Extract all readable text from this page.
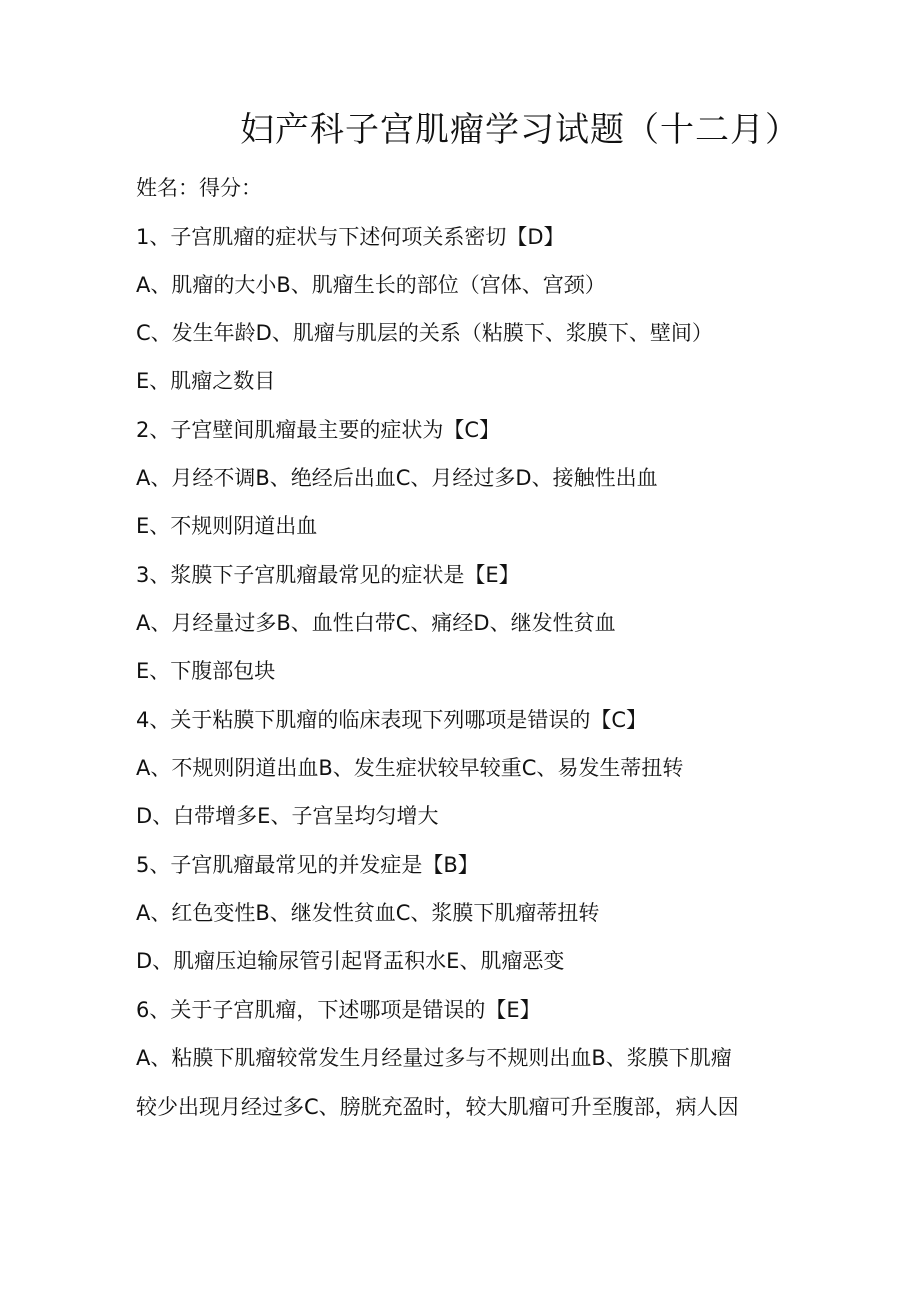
妇产科子宫肌瘤学习试题（十二月）
姓名：得分：
1、子宫肌瘤的症状与下述何项关系密切【D】
A、肌瘤的大小B、肌瘤生长的部位（宫体、宫颈）
C、发生年龄D、肌瘤与肌层的关系（粘膜下、浆膜下、壁间）
E、肌瘤之数目
2、子宫壁间肌瘤最主要的症状为【C】
A、月经不调B、绝经后出血C、月经过多D、接触性出血
E、不规则阴道出血
3、浆膜下子宫肌瘤最常见的症状是【E】
A、月经量过多B、血性白带C、痛经D、继发性贫血
E、下腹部包块
4、关于粘膜下肌瘤的临床表现下列哪项是错误的【C】
A、不规则阴道出血B、发生症状较早较重C、易发生蒂扭转
D、白带增多E、子宫呈均匀增大
5、子宫肌瘤最常见的并发症是【B】
A、红色变性B、继发性贫血C、浆膜下肌瘤蒂扭转
D、肌瘤压迫输尿管引起肾盂积水E、肌瘤恶变
6、关于子宫肌瘤，下述哪项是错误的【E】
A、粘膜下肌瘤较常发生月经量过多与不规则出血B、浆膜下肌瘤
较少出现月经过多C、膀胱充盈时，较大肌瘤可升至腹部，病人因
